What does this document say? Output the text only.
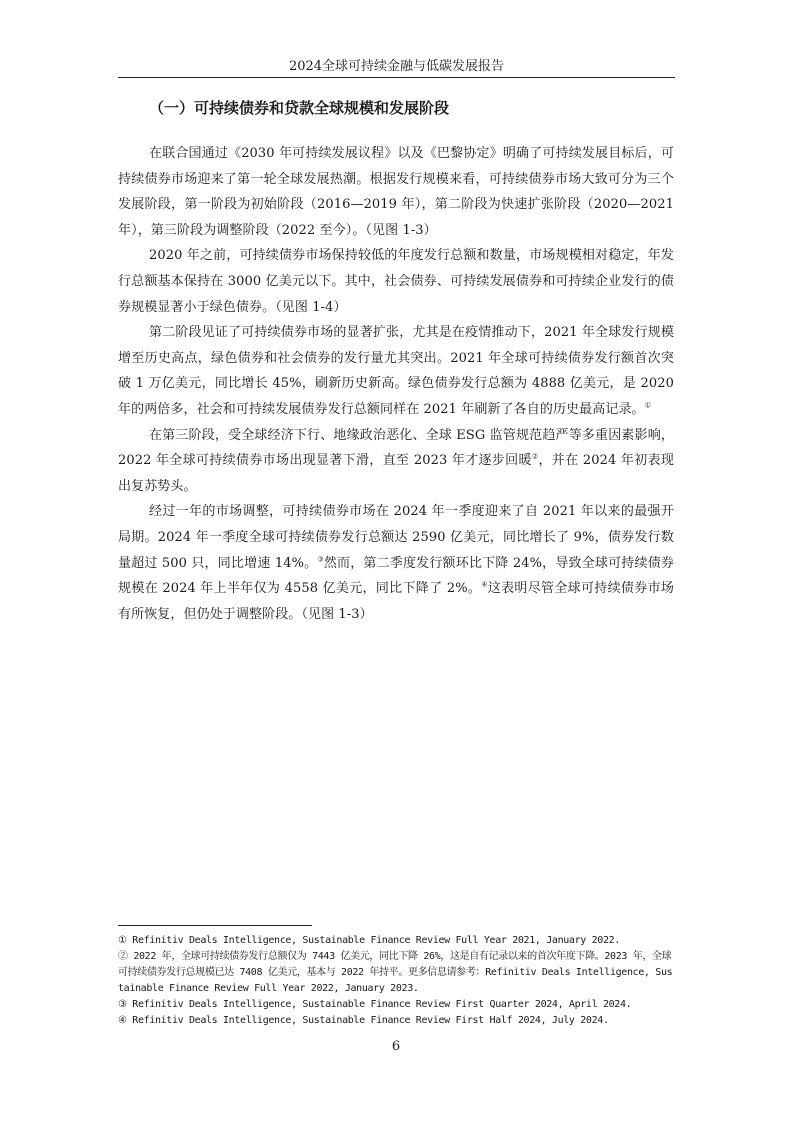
2024全球可持续金融与低碳发展报告
（一）可持续债券和贷款全球规模和发展阶段

在联合国通过《2030 年可持续发展议程》以及《巴黎协定》明确了可持续发展目标后，可持续债券市场迎来了第一轮全球发展热潮。根据发行规模来看，可持续债券市场大致可分为三个发展阶段，第一阶段为初始阶段（2016—2019 年），第二阶段为快速扩张阶段（2020—2021 年），第三阶段为调整阶段（2022 至今）。（见图 1-3）

2020 年之前，可持续债券市场保持较低的年度发行总额和数量，市场规模相对稳定，年发行总额基本保持在 3000 亿美元以下。其中，社会债券、可持续发展债券和可持续企业发行的债券规模显著小于绿色债券。（见图 1-4）

第二阶段见证了可持续债券市场的显著扩张，尤其是在疫情推动下，2021 年全球发行规模增至历史高点，绿色债券和社会债券的发行量尤其突出。2021 年全球可持续债券发行额首次突破 1 万亿美元，同比增长 45%，刷新历史新高。绿色债券发行总额为 4888 亿美元，是 2020 年的两倍多，社会和可持续发展债券发行总额同样在 2021 年刷新了各自的历史最高记录。①

在第三阶段，受全球经济下行、地缘政治恶化、全球 ESG 监管规范趋严等多重因素影响，2022 年全球可持续债券市场出现显著下滑，直至 2023 年才逐步回暖②，并在 2024 年初表现出复苏势头。

经过一年的市场调整，可持续债券市场在 2024 年一季度迎来了自 2021 年以来的最强开局期。2024 年一季度全球可持续债券发行总额达 2590 亿美元，同比增长了 9%，债券发行数量超过 500 只，同比增速 14%。③然而，第二季度发行额环比下降 24%，导致全球可持续债券规模在 2024 年上半年仅为 4558 亿美元，同比下降了 2%。④这表明尽管全球可持续债券市场有所恢复，但仍处于调整阶段。（见图 1-3）

① Refinitiv Deals Intelligence, Sustainable Finance Review Full Year 2021, January 2022.

② 2022 年，全球可持续债券发行总额仅为 7443 亿美元，同比下降 26%，这是自有记录以来的首次年度下降。2023 年，全球可持续债券发行总规模已达 7408 亿美元，基本与 2022 年持平。更多信息请参考：Refinitiv Deals Intelligence, Sustainable Finance Review Full Year 2022, January 2023.

③ Refinitiv Deals Intelligence, Sustainable Finance Review First Quarter 2024, April 2024.

④ Refinitiv Deals Intelligence, Sustainable Finance Review First Half 2024, July 2024.

6
